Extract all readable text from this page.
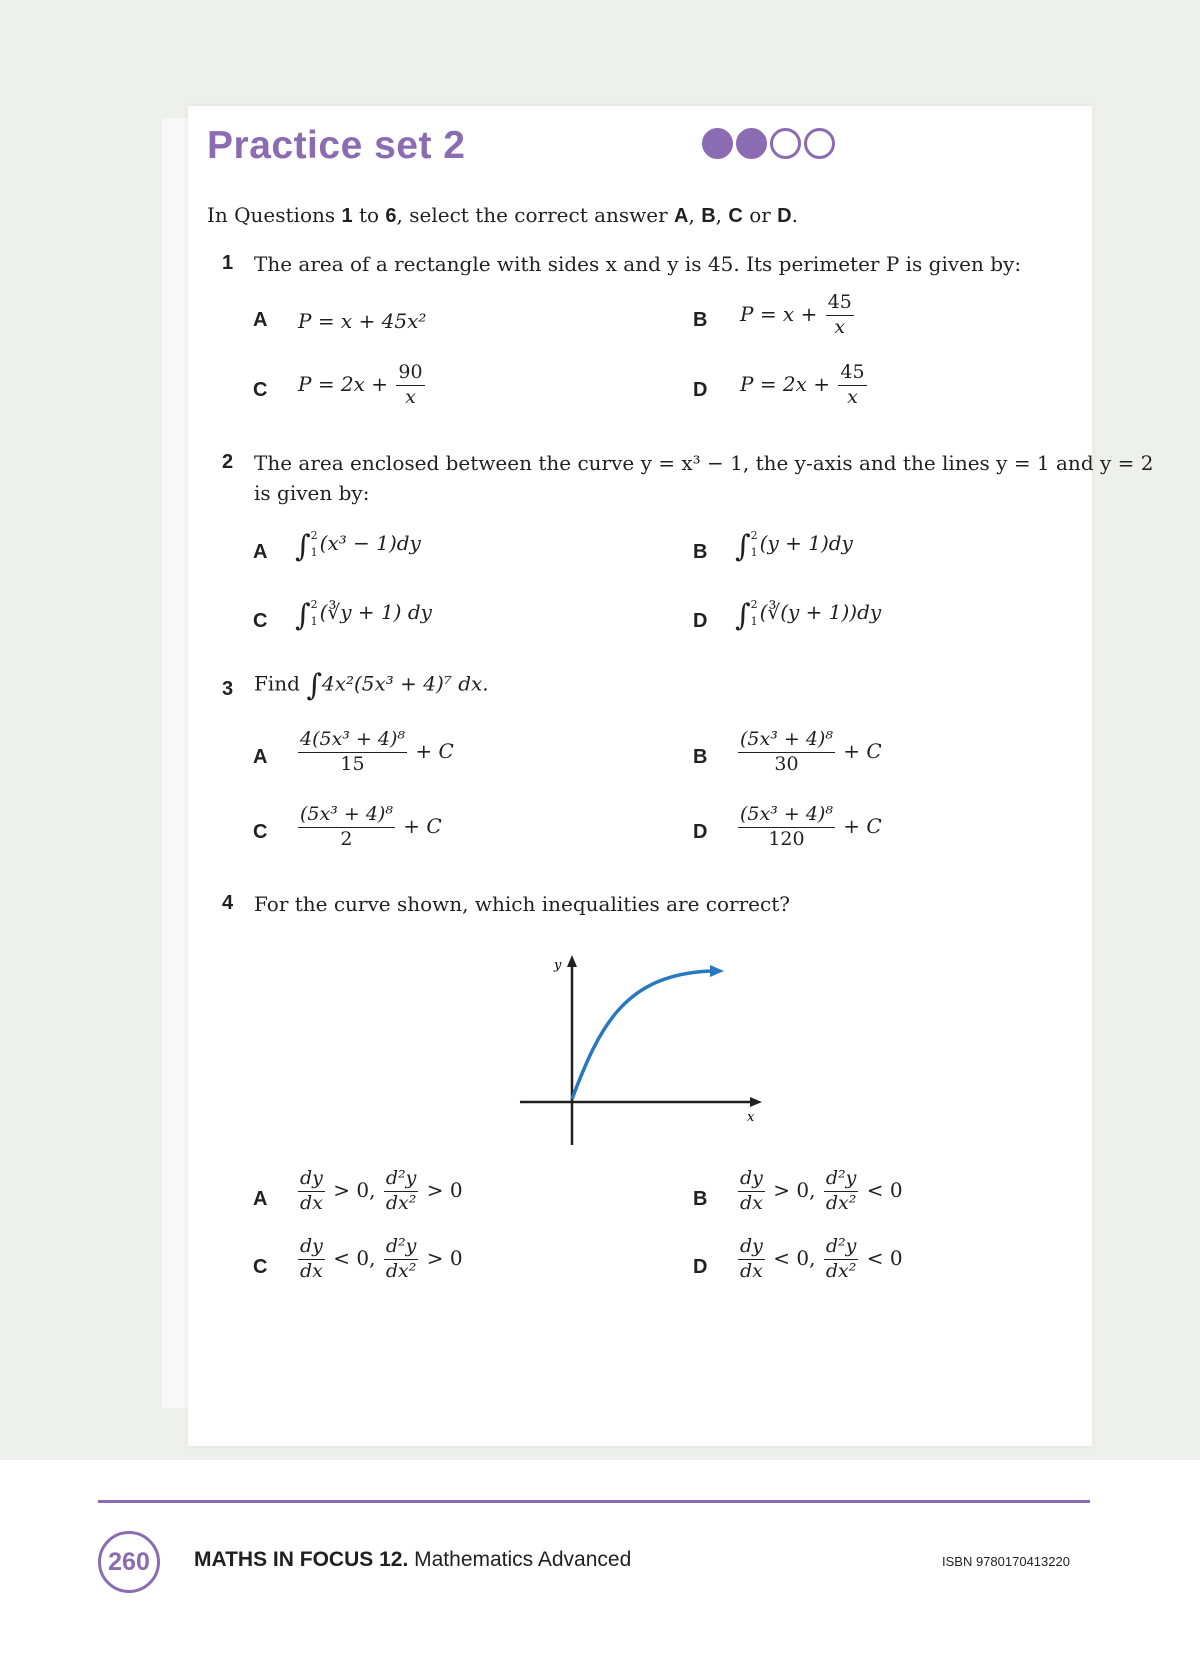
Practice set 2
In Questions 1 to 6, select the correct answer A, B, C or D.
1 The area of a rectangle with sides x and y is 45. Its perimeter P is given by:
A P = x + 45x²	B $P = x + \frac{45}{x}$
C $P = 2x + \frac{90}{x}$	D $P = 2x + \frac{45}{x}$
2 The area enclosed between the curve y = x³ − 1, the y-axis and the lines y = 1 and y = 2
is given by:
A ∫ 2
1 (x³ − 1)dy	B ∫ 2
1 (y + 1)dy
C ∫ 2
1 (∛y + 1) dy	D ∫ 2
1 (∛(y + 1))dy
3 Find ∫4x²(5x³ + 4)⁷ dx.
A $\frac{\text{4(5x³ + 4)⁸}}{15} + C$	B $\frac{\text{(5x³ + 4)⁸}}{30} + C$
C $\frac{\text{(5x³ + 4)⁸}}{2} + C$	D $\frac{\text{(5x³ + 4)⁸}}{120} + C$
4 For the curve shown, which inequalities are correct?
x
y
A $\frac{dy}{dx} > 0$, $\frac{\text{d²y}}{\text{dx²}} > 0$	B $\frac{dy}{dx} > 0$, $\frac{\text{d²y}}{\text{dx²}} < 0$
C $\frac{dy}{dx} < 0$, $\frac{\text{d²y}}{\text{dx²}} > 0$	D $\frac{dy}{dx} < 0$, $\frac{\text{d²y}}{\text{dx²}} < 0$
260	MATHS IN FOCUS 12. Mathematics Advanced	ISBN 9780170413220
